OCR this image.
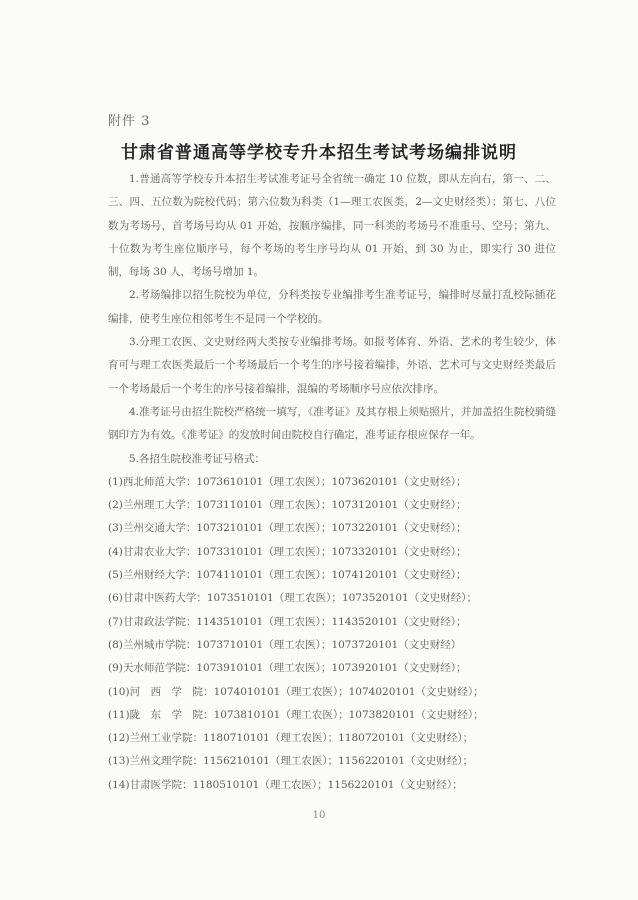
附件 3
甘肃省普通高等学校专升本招生考试考场编排说明

1.普通高等学校专升本招生考试准考证号全省统一确定 10 位数，即从左向右，第一、二、三、四、五位数为院校代码；第六位数为科类（1—理工农医类，2—文史财经类）；第七、八位数为考场号，首考场号均从 01 开始，按顺序编排，同一科类的考场号不准重号、空号；第九、十位数为考生座位顺序号，每个考场的考生序号均从 01 开始，到 30 为止，即实行 30 进位制，每场 30 人，考场号增加 1。

2.考场编排以招生院校为单位，分科类按专业编排考生准考证号，编排时尽量打乱校际插花编排，使考生座位相邻考生不是同一个学校的。

3.分理工农医、文史财经两大类按专业编排考场。如报考体育、外语、艺术的考生较少，体育可与理工农医类最后一个考场最后一个考生的序号接着编排，外语、艺术可与文史财经类最后一个考场最后一个考生的序号接着编排，混编的考场顺序号应依次排序。

4.准考证号由招生院校严格统一填写，《准考证》及其存根上须贴照片，并加盖招生院校骑缝钢印方为有效。《准考证》的发放时间由院校自行确定，准考证存根应保存一年。

5.各招生院校准考证号格式：

(1)西北师范大学：1073610101（理工农医）；1073620101（文史财经）；
(2)兰州理工大学：1073110101（理工农医）；1073120101（文史财经）；
(3)兰州交通大学：1073210101（理工农医）；1073220101（文史财经）；
(4)甘肃农业大学：1073310101（理工农医）；1073320101（文史财经）；
(5)兰州财经大学：1074110101（理工农医）；1074120101（文史财经）；
(6)甘肃中医药大学：1073510101（理工农医）；1073520101（文史财经）；
(7)甘肃政法学院：1143510101（理工农医）；1143520101（文史财经）；
(8)兰州城市学院：1073710101（理工农医）；1073720101（文史财经）
(9)天水师范学院：1073910101（理工农医）；1073920101（文史财经）；
(10)河　西　学　院：1074010101（理工农医）；1074020101（文史财经）；
(11)陇　东　学　院：1073810101（理工农医）；1073820101（文史财经）；
(12)兰州工业学院：1180710101（理工农医）；1180720101（文史财经）；
(13)兰州文理学院：1156210101（理工农医）；1156220101（文史财经）；
(14)甘肃医学院：1180510101（理工农医）；1156220101（文史财经）；
10
